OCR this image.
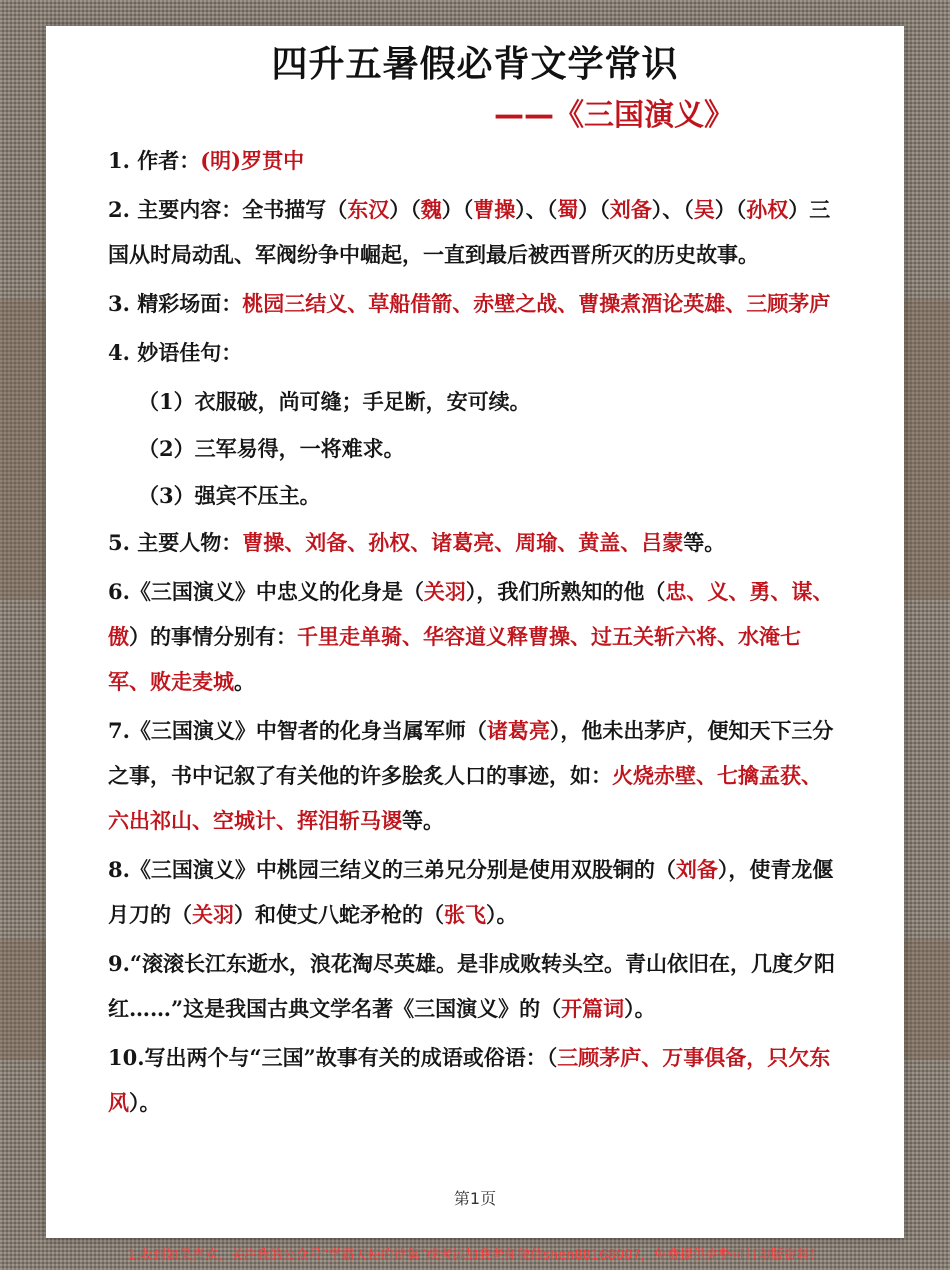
四升五暑假必背文学常识
——《三国演义》

1. 作者：(明)罗贯中

2. 主要内容：全书描写（东汉）（魏）（曹操）、（蜀）（刘备）、（吴）（孙权）三国从时局动乱、军阀纷争中崛起，一直到最后被西晋所灭的历史故事。

3. 精彩场面：桃园三结义、草船借箭、赤壁之战、曹操煮酒论英雄、三顾茅庐

4. 妙语佳句：

（1）衣服破，尚可缝；手足断，安可续。

（2）三军易得，一将难求。

（3）强宾不压主。

5. 主要人物：曹操、刘备、孙权、诸葛亮、周瑜、黄盖、吕蒙等。

6.《三国演义》中忠义的化身是（关羽），我们所熟知的他（忠、义、勇、谋、傲）的事情分别有：千里走单骑、华容道义释曹操、过五关斩六将、水淹七军、败走麦城。

7.《三国演义》中智者的化身当属军师（诸葛亮），他未出茅庐，便知天下三分之事，书中记叙了有关他的许多脍炙人口的事迹，如：火烧赤壁、七擒孟获、六出祁山、空城计、挥泪斩马谡等。

8.《三国演义》中桃园三结义的三弟兄分别是使用双股铜的（刘备），使青龙偃月刀的（关羽）和使丈八蛇矛枪的（张飞）。

9.“滚滚长江东逝水，浪花淘尽英雄。是非成败转头空。青山依旧在，几度夕阳红……”这是我国古典文学名著《三国演义》的（开篇词）。

10.写出两个与“三国”故事有关的成语或俗语：（三顾茅庐、万事俱备，只欠东风）。

第1页
1.收到如果喜欢，关注我的公众号“学霸天使的诗集”或者添加我老师微信shen88168007，免费提供完整可打印版资料！
